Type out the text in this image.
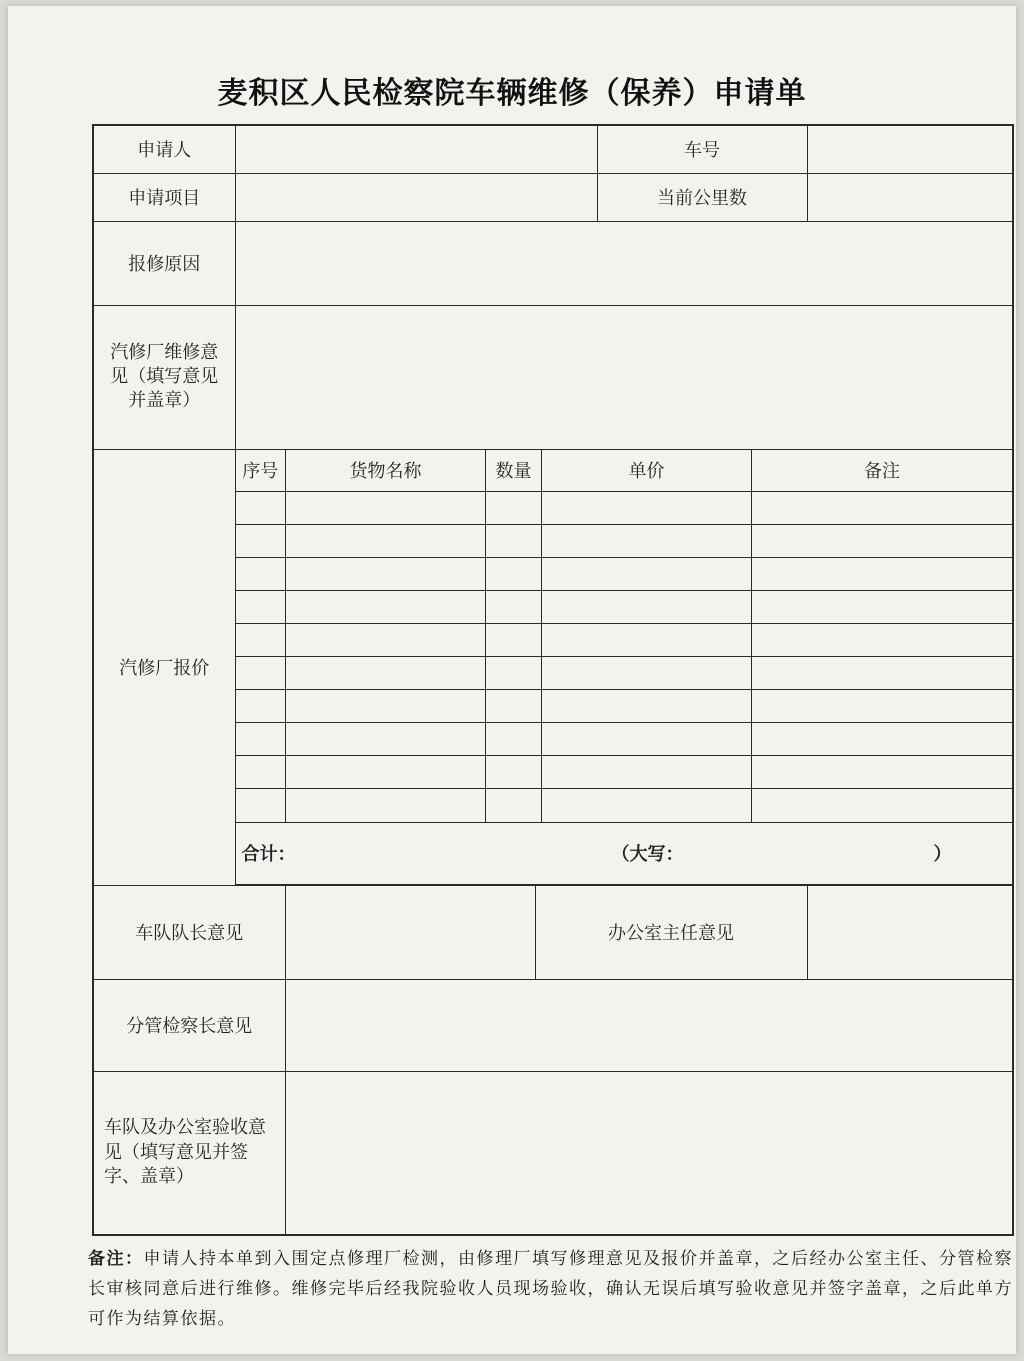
麦积区人民检察院车辆维修（保养）申请单
申请人		车号	
申请项目		当前公里数	
报修原因	
汽修厂维修意见（填写意见并盖章）	
汽修厂报价	
序号	货物名称	数量	单价	备注

合计：	（大写：	）

车队队长意见		办公室主任意见	
分管检察长意见	
车队及办公室验收意见（填写意见并签字、盖章）	
备注：申请人持本单到入围定点修理厂检测，由修理厂填写修理意见及报价并盖章，之后经办公室主任、分管检察长审核同意后进行维修。维修完毕后经我院验收人员现场验收，确认无误后填写验收意见并签字盖章，之后此单方可作为结算依据。
